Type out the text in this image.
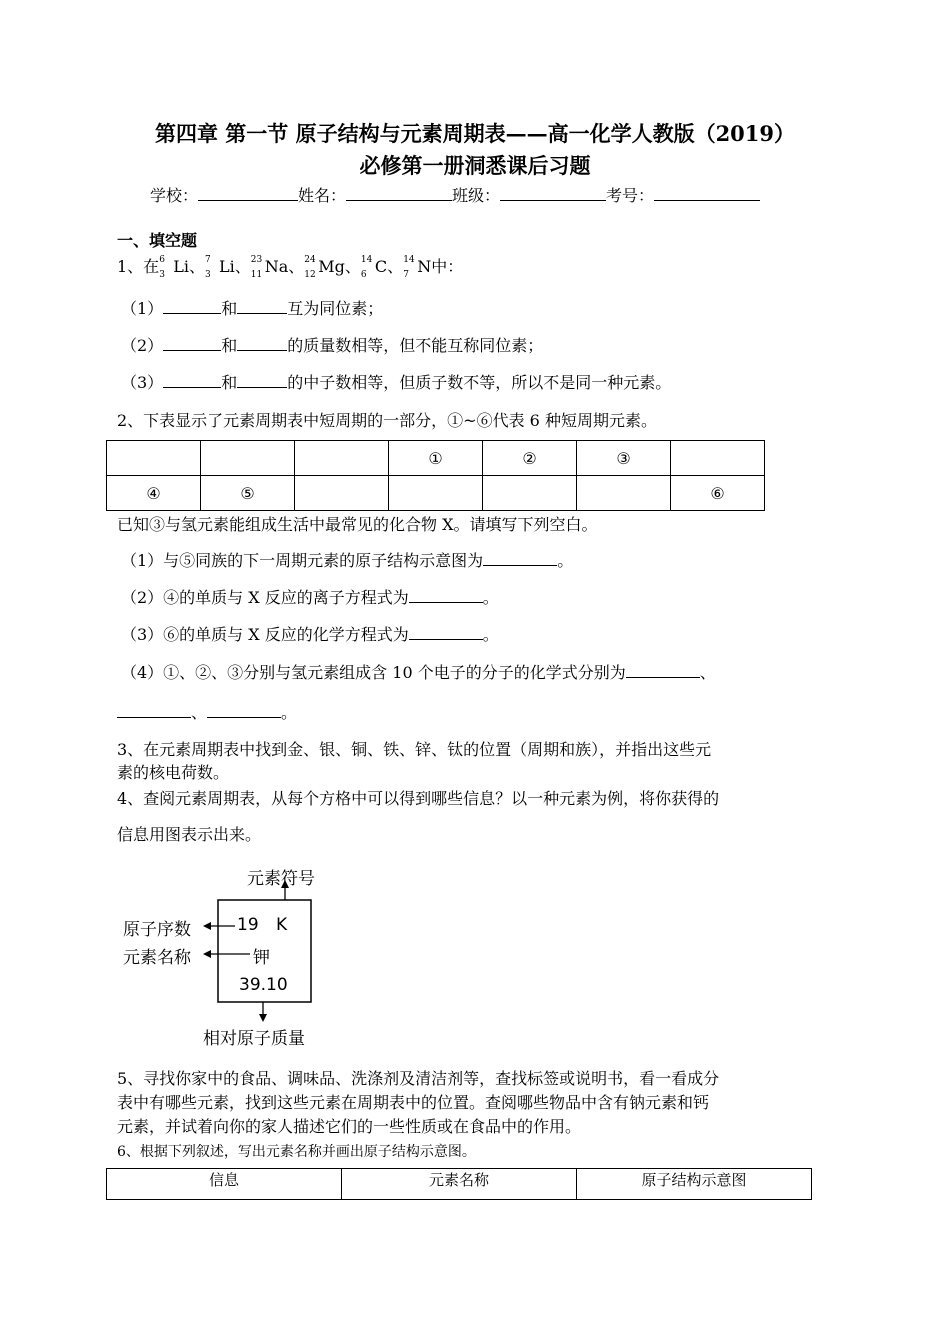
第四章 第一节 原子结构与元素周期表——高一化学人教版（2019）
必修第一册洞悉课后习题
学校：	姓名：	班级：	考号：
一、填空题
1、在 6
3 Li、 7
3 Li、 23
11 Na、 24
12 Mg、 14
6 C、 14
7 N中：
（1）	和	互为同位素；
（2）	和	的质量数相等，但不能互称同位素；
（3）	和	的中子数相等，但质子数不等，所以不是同一种元素。
2、下表显示了元素周期表中短周期的一部分，①~⑥代表 6 种短周期元素。
			①	②	③	
④	⑤					⑥
已知③与氢元素能组成生活中最常见的化合物 X。请填写下列空白。
（1）与⑤同族的下一周期元素的原子结构示意图为	。
（2）④的单质与 X 反应的离子方程式为	。
（3）⑥的单质与 X 反应的化学方程式为	。
（4）①、②、③分别与氢元素组成含 10 个电子的分子的化学式分别为	、
、	。
3、在元素周期表中找到金、银、铜、铁、锌、钛的位置（周期和族），并指出这些元
素的核电荷数。
4、查阅元素周期表，从每个方格中可以得到哪些信息？以一种元素为例，将你获得的
信息用图表示出来。
元素符号
原子序数
元素名称
19 K
钾
39.10
相对原子质量
5、寻找你家中的食品、调味品、洗涤剂及清洁剂等，查找标签或说明书，看一看成分
表中有哪些元素，找到这些元素在周期表中的位置。查阅哪些物品中含有钠元素和钙
元素，并试着向你的家人描述它们的一些性质或在食品中的作用。
6、根据下列叙述，写出元素名称并画出原子结构示意图。
信息	元素名称	原子结构示意图
